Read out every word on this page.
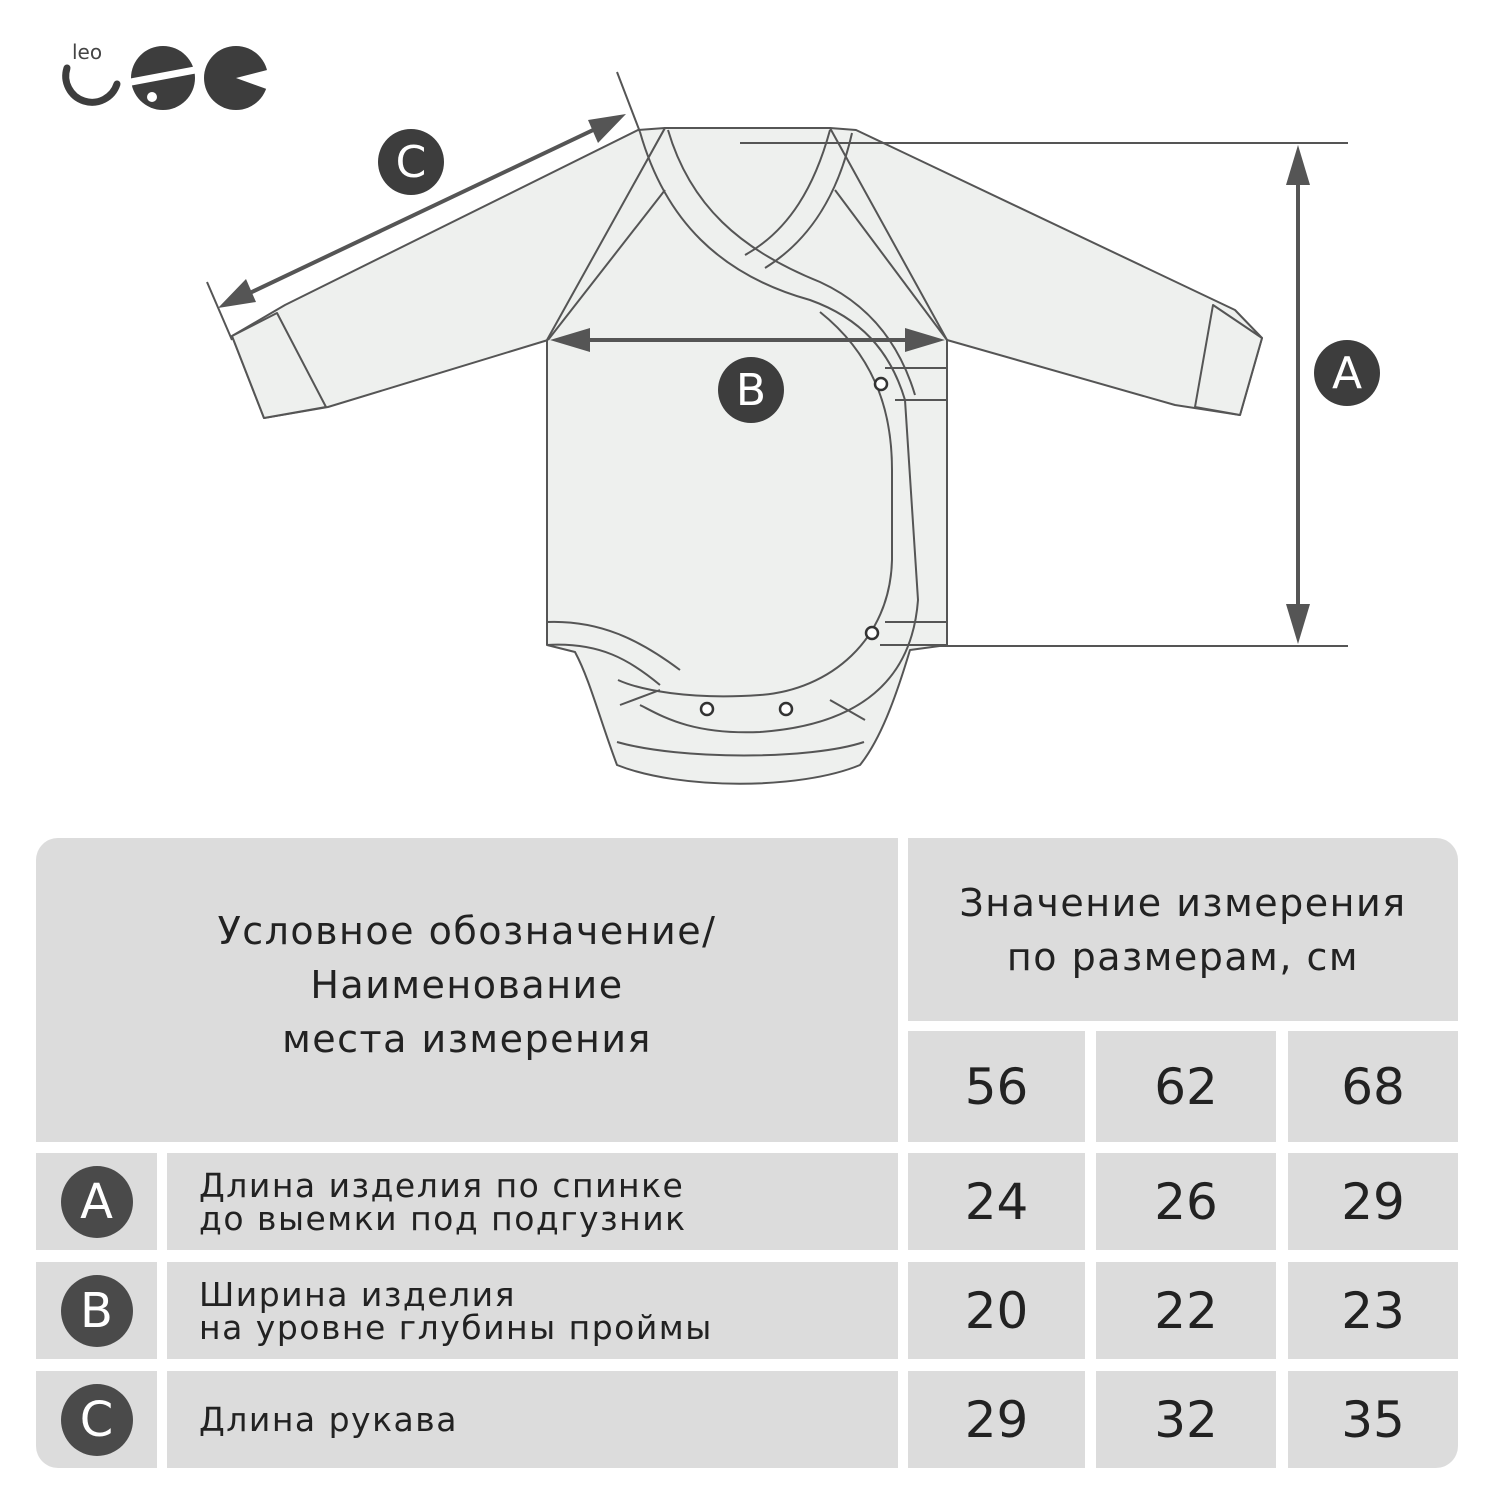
leo
C
B	A
Условное обозначение/
Наименование
места измерения
Значение измерения
по размерам, см
56	62	68
A	Длина изделия по спинке
до выемки под подгузник	24	26	29
B	Ширина изделия
на уровне глубины проймы	20	22	23
C	Длина рукава	29	32	35
